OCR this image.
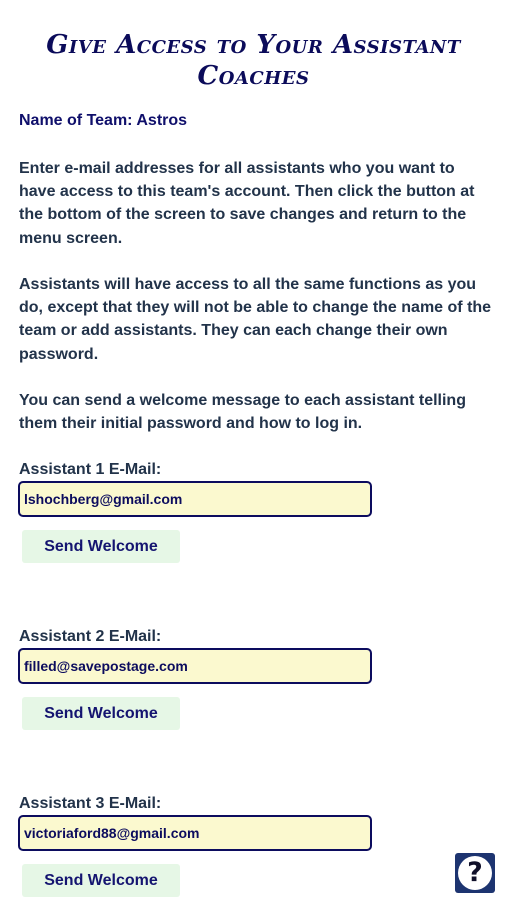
Give Access to Your Assistant Coaches
Name of Team: Astros

Enter e-mail addresses for all assistants who you want to have access to this team's account. Then click the button at the bottom of the screen to save changes and return to the menu screen.

Assistants will have access to all the same functions as you do, except that they will not be able to change the name of the team or add assistants. They can each change their own password.

You can send a welcome message to each assistant telling them their initial password and how to log in.

Assistant 1 E-Mail:
lshochberg@gmail.com
Send Welcome
Assistant 2 E-Mail:
filled@savepostage.com
Send Welcome
Assistant 3 E-Mail:
victoriaford88@gmail.com
Send Welcome	?
